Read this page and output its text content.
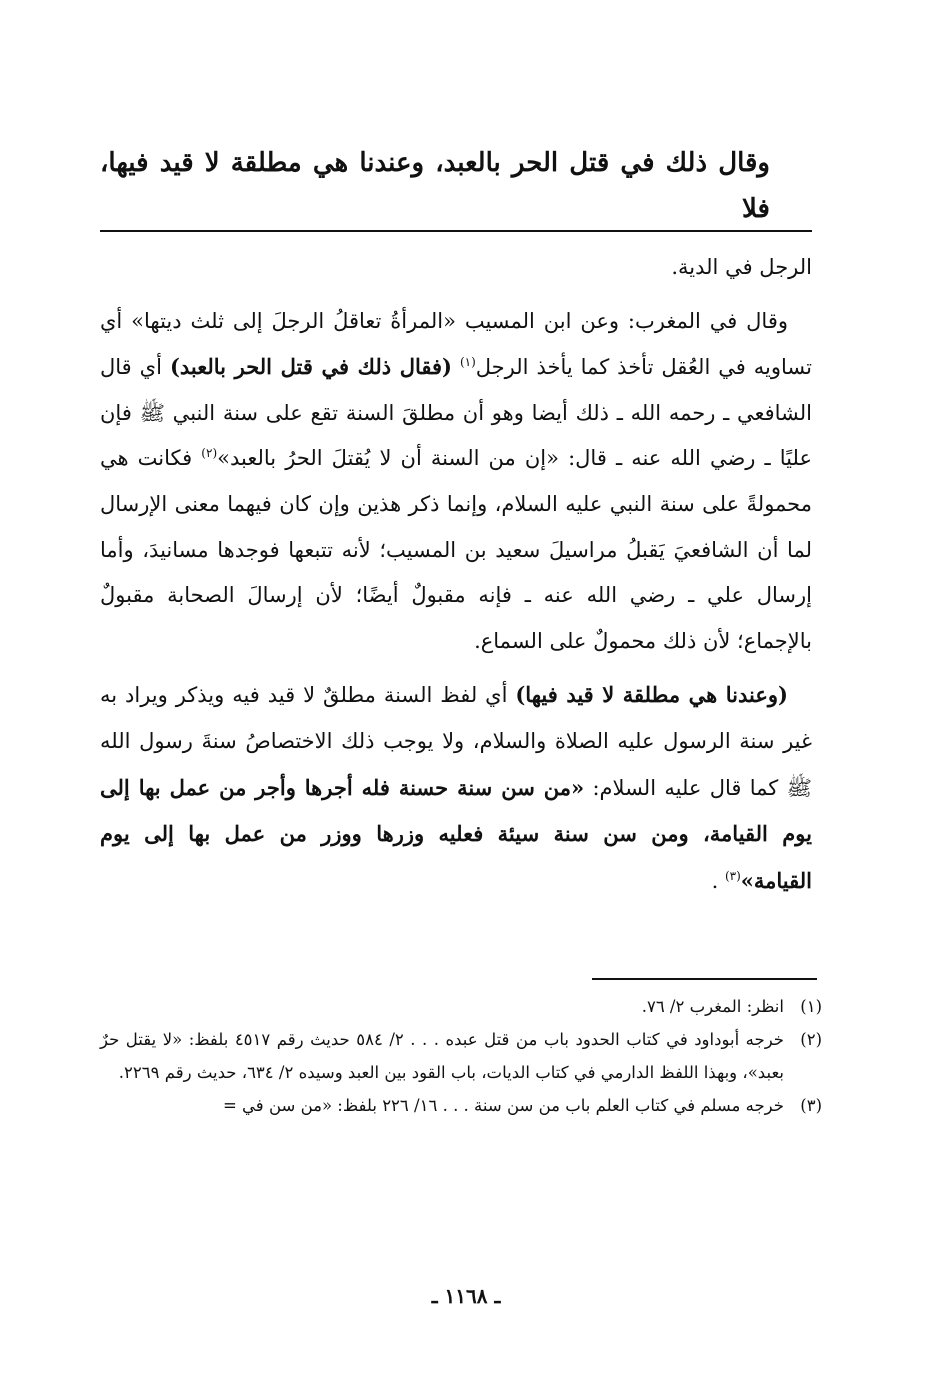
وقال ذلك في قتل الحر بالعبد، وعندنا هي مطلقة لا قيد فيها، فلا

الرجل في الدية.

وقال في المغرب: وعن ابن المسيب «المرأةُ تعاقلُ الرجلَ إلى ثلث ديتها» أي تساويه في العُقل تأخذ كما يأخذ الرجل$^{(١)}$ (فقال ذلك في قتل الحر بالعبد) أي قال الشافعي ـ رحمه الله ـ ذلك أيضا وهو أن مطلقَ السنة تقع على سنة النبي ﷺ فإن عليًا ـ رضي الله عنه ـ قال: «إن من السنة أن لا يُقتلَ الحرُ بالعبد»$^{(٢)}$ فكانت هي محمولةً على سنة النبي عليه السلام، وإنما ذكر هذين وإن كان فيهما معنى الإرسال لما أن الشافعيَ يَقبلُ مراسيلَ سعيد بن المسيب؛ لأنه تتبعها فوجدها مسانيدَ، وأما إرسال علي ـ رضي الله عنه ـ فإنه مقبولٌ أيضًا؛ لأن إرسالَ الصحابة مقبولٌ بالإجماع؛ لأن ذلك محمولٌ على السماع.

(وعندنا هي مطلقة لا قيد فيها) أي لفظ السنة مطلقٌ لا قيد فيه ويذكر ويراد به غير سنة الرسول عليه الصلاة والسلام، ولا يوجب ذلك الاختصاصُ سنةَ رسول الله ﷺ كما قال عليه السلام: «من سن سنة حسنة فله أجرها وأجر من عمل بها إلى يوم القيامة، ومن سن سنة سيئة فعليه وزرها ووزر من عمل بها إلى يوم القيامة»$^{(٣)}$ .

(١)
انظر: المغرب ٢/ ٧٦.
(٢)
خرجه أبوداود في كتاب الحدود باب من قتل عبده . . . ٢/ ٥٨٤ حديث رقم ٤٥١٧ بلفظ: «لا يقتل حرٌ بعبد»، وبهذا اللفظ الدارمي في كتاب الديات، باب القود بين العبد وسيده ٢/ ٦٣٤، حديث رقم ٢٢٦٩.
(٣)
خرجه مسلم في كتاب العلم باب من سن سنة . . . ١٦/ ٢٢٦ بلفظ: «من سن في =
ـ ١١٦٨ ـ
